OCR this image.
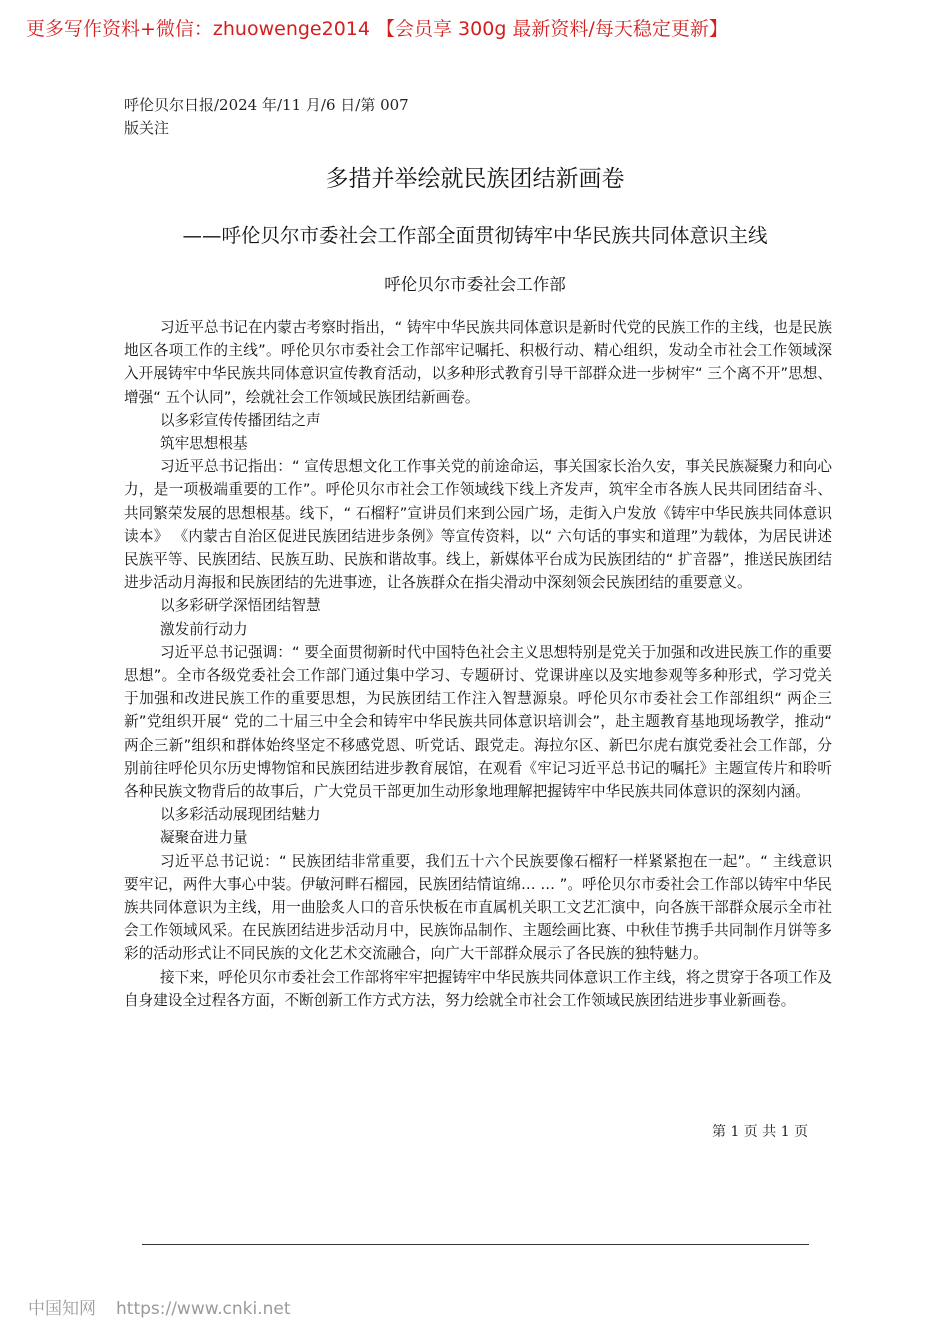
更多写作资料+微信：zhuowenge2014 【会员享 300g 最新资料/每天稳定更新】
呼伦贝尔日报/2024 年/11 月/6 日/第 007
版关注
多措并举绘就民族团结新画卷
——呼伦贝尔市委社会工作部全面贯彻铸牢中华民族共同体意识主线
呼伦贝尔市委社会工作部

习近平总书记在内蒙古考察时指出，“ 铸牢中华民族共同体意识是新时代党的民族工作的主线，也是民族地区各项工作的主线”。呼伦贝尔市委社会工作部牢记嘱托、积极行动、精心组织，发动全市社会工作领域深入开展铸牢中华民族共同体意识宣传教育活动，以多种形式教育引导干部群众进一步树牢“ 三个离不开”思想、增强“ 五个认同”，绘就社会工作领域民族团结新画卷。

以多彩宣传传播团结之声

筑牢思想根基

习近平总书记指出：“ 宣传思想文化工作事关党的前途命运，事关国家长治久安，事关民族凝聚力和向心力，是一项极端重要的工作”。呼伦贝尔市社会工作领域线下线上齐发声，筑牢全市各族人民共同团结奋斗、共同繁荣发展的思想根基。线下，“ 石榴籽”宣讲员们来到公园广场，走街入户发放《铸牢中华民族共同体意识读本》 《内蒙古自治区促进民族团结进步条例》等宣传资料，以“ 六句话的事实和道理”为载体，为居民讲述民族平等、民族团结、民族互助、民族和谐故事。线上，新媒体平台成为民族团结的“ 扩音器”，推送民族团结进步活动月海报和民族团结的先进事迹，让各族群众在指尖滑动中深刻领会民族团结的重要意义。

以多彩研学深悟团结智慧

激发前行动力

习近平总书记强调：“ 要全面贯彻新时代中国特色社会主义思想特别是党关于加强和改进民族工作的重要思想”。全市各级党委社会工作部门通过集中学习、专题研讨、党课讲座以及实地参观等多种形式，学习党关于加强和改进民族工作的重要思想，为民族团结工作注入智慧源泉。呼伦贝尔市委社会工作部组织“ 两企三新”党组织开展“ 党的二十届三中全会和铸牢中华民族共同体意识培训会”，赴主题教育基地现场教学，推动“ 两企三新”组织和群体始终坚定不移感党恩、听党话、跟党走。海拉尔区、新巴尔虎右旗党委社会工作部，分别前往呼伦贝尔历史博物馆和民族团结进步教育展馆，在观看《牢记习近平总书记的嘱托》主题宣传片和聆听各种民族文物背后的故事后，广大党员干部更加生动形象地理解把握铸牢中华民族共同体意识的深刻内涵。

以多彩活动展现团结魅力

凝聚奋进力量

习近平总书记说：“ 民族团结非常重要，我们五十六个民族要像石榴籽一样紧紧抱在一起”。“ 主线意识要牢记，两件大事心中装。伊敏河畔石榴园，民族团结情谊绵… … ”。呼伦贝尔市委社会工作部以铸牢中华民族共同体意识为主线，用一曲脍炙人口的音乐快板在市直属机关职工文艺汇演中，向各族干部群众展示全市社会工作领域风采。在民族团结进步活动月中，民族饰品制作、主题绘画比赛、中秋佳节携手共同制作月饼等多彩的活动形式让不同民族的文化艺术交流融合，向广大干部群众展示了各民族的独特魅力。

接下来，呼伦贝尔市委社会工作部将牢牢把握铸牢中华民族共同体意识工作主线，将之贯穿于各项工作及自身建设全过程各方面，不断创新工作方式方法，努力绘就全市社会工作领域民族团结进步事业新画卷。

第 1 页 共 1 页
中国知网 https://www.cnki.net
